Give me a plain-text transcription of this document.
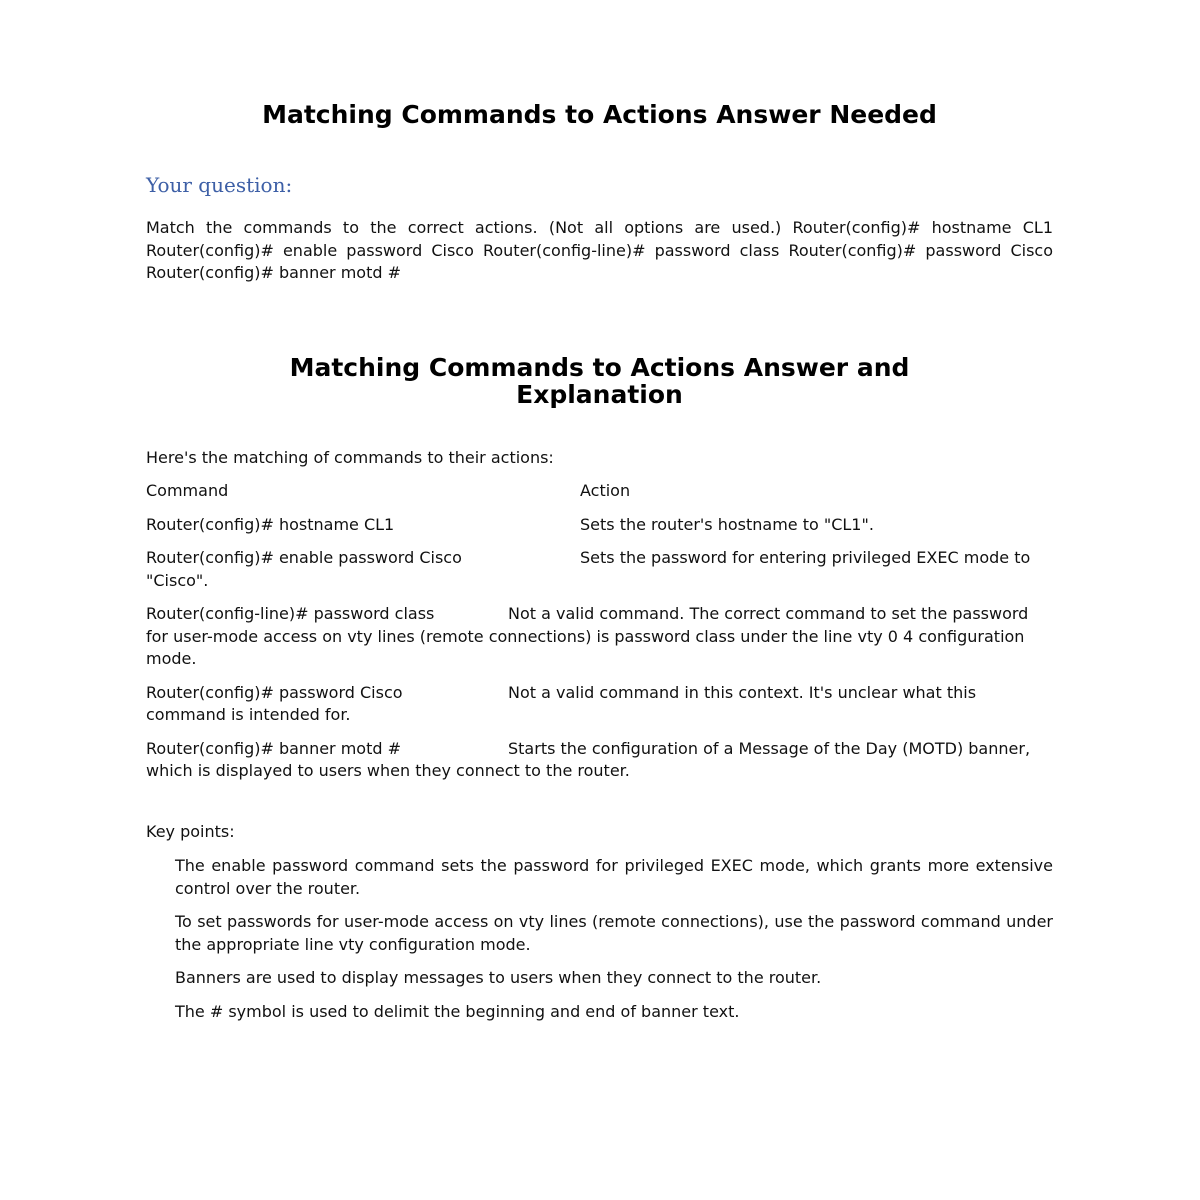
Matching Commands to Actions Answer Needed

Your question:

Match the commands to the correct actions. (Not all options are used.) Router(config)# hostname CL1 Router(config)# enable password Cisco Router(config-line)# password class Router(config)# password Cisco Router(config)# banner motd #

Matching Commands to Actions Answer and
Explanation

Here's the matching of commands to their actions:

Command	Action

Router(config)# hostname CL1	Sets the router's hostname to "CL1".

Router(config)# enable password Cisco	Sets the password for entering privileged EXEC mode to "Cisco".

Router(config-line)# password class	Not a valid command. The correct command to set the password for user-mode access on vty lines (remote connections) is password class under the line vty 0 4 configuration mode.

Router(config)# password Cisco	Not a valid command in this context. It's unclear what this command is intended for.

Router(config)# banner motd #	Starts the configuration of a Message of the Day (MOTD) banner, which is displayed to users when they connect to the router.

Key points:

The enable password command sets the password for privileged EXEC mode, which grants more extensive control over the router.
To set passwords for user-mode access on vty lines (remote connections), use the password command under the appropriate line vty configuration mode.
Banners are used to display messages to users when they connect to the router.
The # symbol is used to delimit the beginning and end of banner text.
